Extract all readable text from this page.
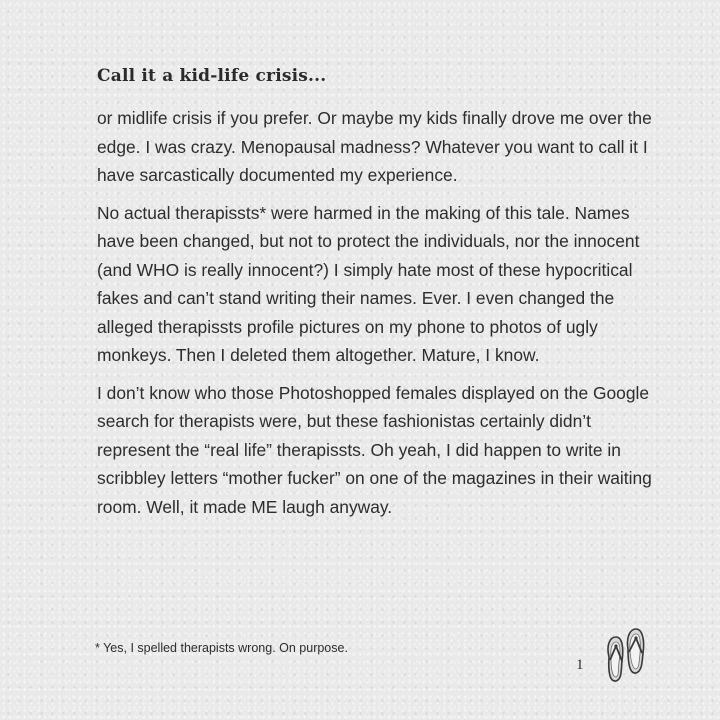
Call it a kid-life crisis...

or midlife crisis if you prefer. Or maybe my kids finally drove me over the edge. I was crazy. Menopausal madness? Whatever you want to call it I have sarcastically documented my experience.

No actual therapissts* were harmed in the making of this tale. Names have been changed, but not to protect the individuals, nor the innocent (and WHO is really innocent?) I simply hate most of these hypocritical fakes and can’t stand writing their names. Ever. I even changed the alleged therapissts profile pictures on my phone to photos of ugly monkeys. Then I deleted them altogether. Mature, I know.

I don’t know who those Photoshopped females displayed on the Google search for therapists were, but these fashionistas certainly didn’t represent the “real life” therapissts. Oh yeah, I did happen to write in scribbley letters “mother fucker” on one of the magazines in their waiting room. Well, it made ME laugh anyway.

* Yes, I spelled therapists wrong. On purpose.
1
